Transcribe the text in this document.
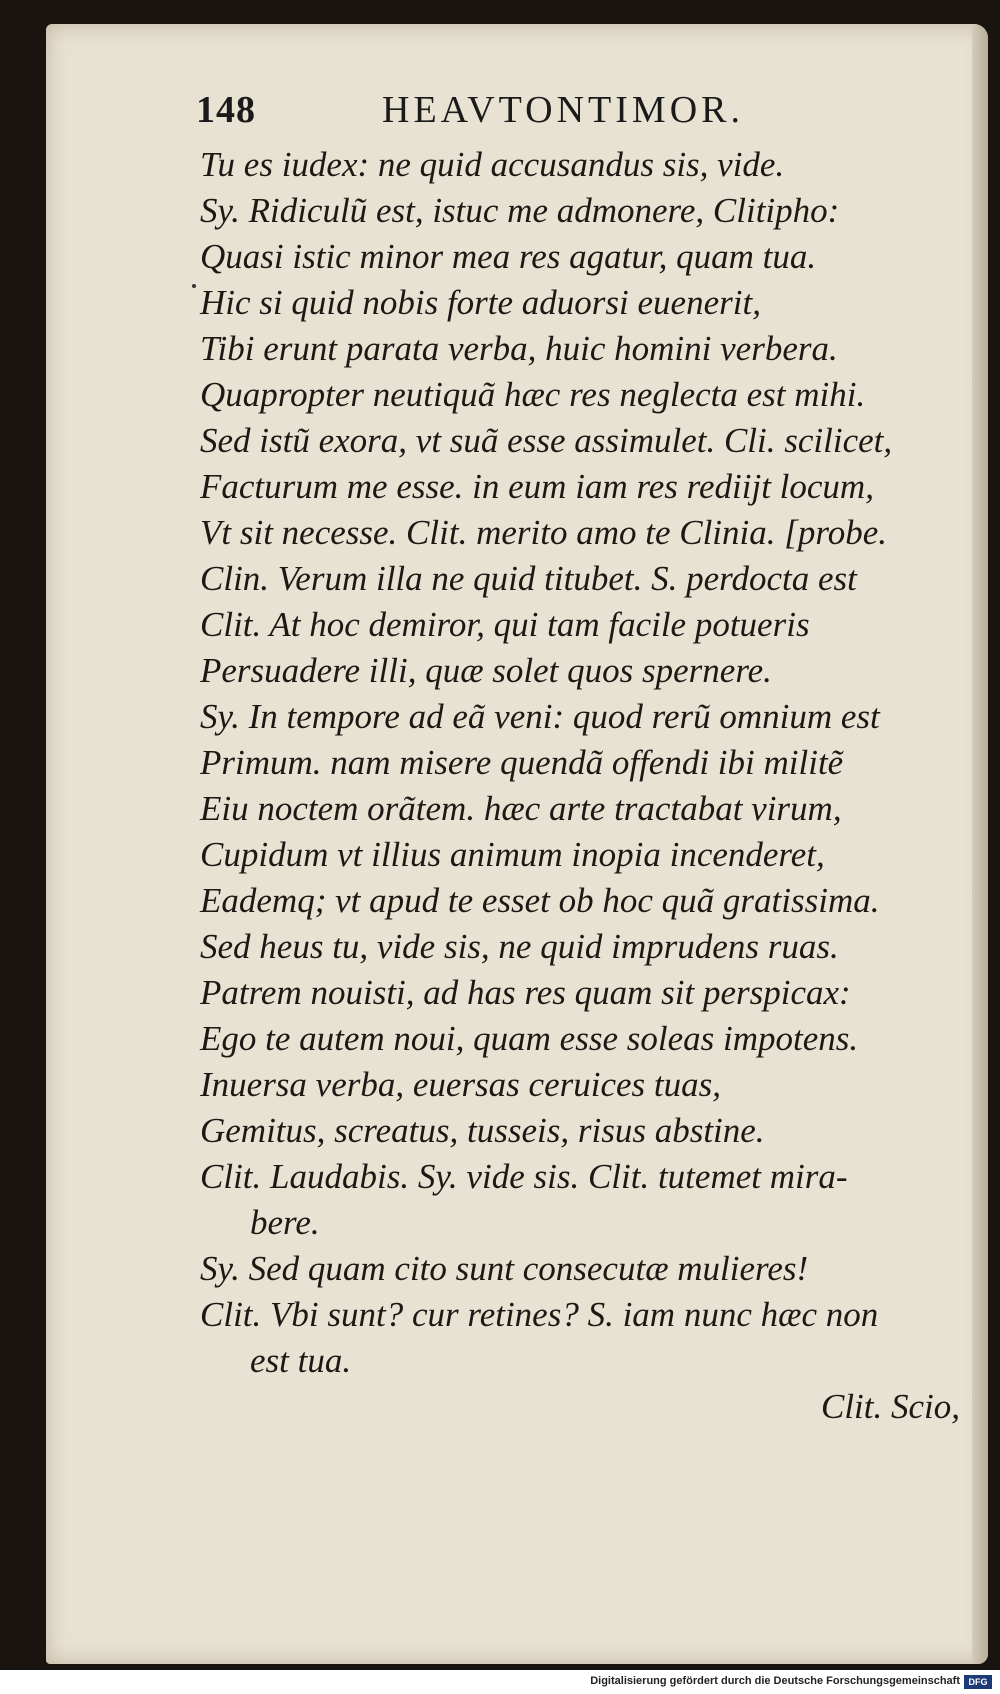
148	HEAVTONTIMOR.
Tu es iudex: ne quid accusandus sis, vide.
Sy. Ridiculũ est, istuc me admonere, Clitipho:
Quasi istic minor mea res agatur, quam tua.
Hic si quid nobis forte aduorsi euenerit,
Tibi erunt parata verba, huic homini verbera.
Quapropter neutiquã hæc res neglecta est mihi.
Sed istũ exora, vt suã esse assimulet. Cli. scilicet,
Facturum me esse. in eum iam res rediijt locum,
Vt sit necesse. Clit. merito amo te Clinia. [probe.
Clin. Verum illa ne quid titubet. S. perdocta est
Clit. At hoc demiror, qui tam facile potueris
Persuadere illi, quæ solet quos spernere.
Sy. In tempore ad eã veni: quod rerũ omnium est
Primum. nam misere quendã offendi ibi militẽ
Eiu noctem orãtem. hæc arte tractabat virum,
Cupidum vt illius animum inopia incenderet,
Eademq; vt apud te esset ob hoc quã gratissima.
Sed heus tu, vide sis, ne quid imprudens ruas.
Patrem nouisti, ad has res quam sit perspicax:
Ego te autem noui, quam esse soleas impotens.
Inuersa verba, euersas ceruices tuas,
Gemitus, screatus, tusseis, risus abstine.
Clit. Laudabis. Sy. vide sis. Clit. tutemet mira-
bere.
Sy. Sed quam cito sunt consecutæ mulieres!
Clit. Vbi sunt? cur retines? S. iam nunc hæc non
est tua.
Clit. Scio,
Digitalisierung gefördert durch die Deutsche Forschungsgemeinschaft DFG
